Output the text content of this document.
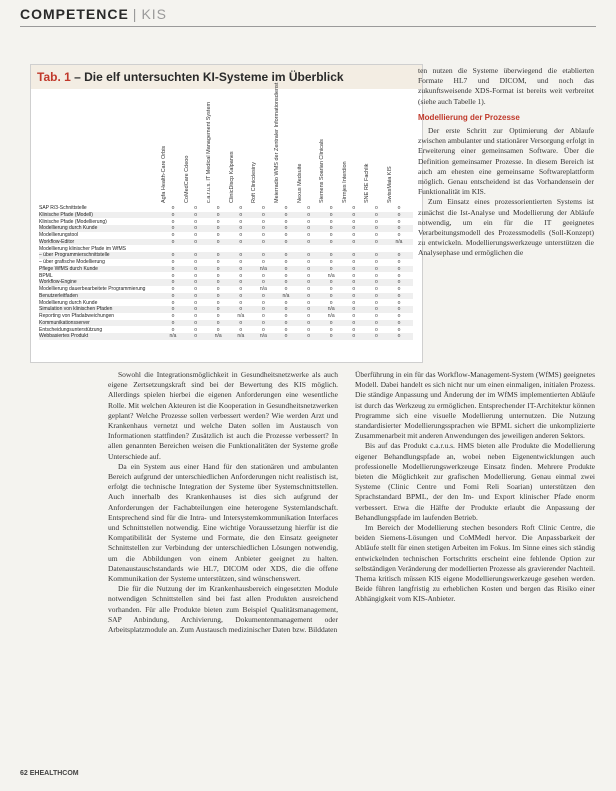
COMPETENCE | KIS
Tab. 1 – Die elf untersuchten KI-Systeme im Überblick
Agfa Health-Care Orbis	CoMedCare Cdeoo	c.a.r.u.s. IT Medical Management System	ClinicDiscp Kalpanes	Roft Clinicdesiny	Meierradio WMS der Zentraler Informationsdienst	Nexus Medsuite	Siemens Soarian Clinicals	Sirrnjes Interdion	SNE RE Fachlik	SwissMaia KIS
SAP R/3-Schnittstelle	o	o	o	o	o	o	o	o	o	o	o
Klinische Pfade (Modell)	o	o	o	o	o	o	o	o	o	o	o
Klinische Pfade (Modellierung)	o	o	o	o	o	o	o	o	o	o	o
Modellierung durch Kunde	o	o	o	o	o	o	o	o	o	o	o
Modellierungstool	o	o	o	o	o	o	o	o	o	o	o
Workflow-Editor	o	o	o	o	o	o	o	o	o	o	n/a
Modellierung klinischer Pfade im WfMS
– über Programmierschnittstelle	o	o	o	o	o	o	o	o	o	o	o
– über grafische Modellierung	o	o	o	o	o	o	o	o	o	o	o
Pflege WfMS durch Kunde	o	o	o	o	n/a	o	o	o	o	o	o
BPML	o	o	o	o	o	o	o	n/a	o	o	o
Workflow-Engine	o	o	o	o	o	o	o	o	o	o	o
Modellierung dauerbearbeitete Programmierung	o	o	o	o	n/a	o	o	o	o	o	o
Benutzerleitfaden	o	o	o	o	o	n/a	o	o	o	o	o
Modellierung durch Kunde	o	o	o	o	o	o	o	o	o	o	o
Simulation von klinischen Pfaden	o	o	o	o	o	o	o	n/a	o	o	o
Reporting von Pfadabweichungen	o	o	o	n/a	o	o	o	n/a	o	o	o
Kommunikationsserver	o	o	o	o	o	o	o	o	o	o	o
Entscheidungsunterstützung	o	o	o	o	o	o	o	o	o	o	o
Webbasiertes Produkt	n/a	o	n/a	n/a	n/a	o	o	o	o	o	o

ten nutzen die Systeme überwiegend die etablierten Formate HL7 und DICOM, und noch das zukunftsweisende XDS-Format ist bereits weit verbreitet (siehe auch Tabelle 1).

Modellierung der Prozesse

Der erste Schritt zur Optimierung der Ablaufe zwischen ambulanter und stationärer Versorgung erfolgt in Erweiterung einer gemeinsamen Software. Über die Definition gemeinsamer Prozesse. In diesem Bereich ist auch am ehesten eine gemeinsame Softwareplattform möglich. Genau entscheidend ist das Vorhandensein der Funktionalität im KIS.

Zum Einsatz eines prozessorientierten Systems ist zunächst die Ist-Analyse und Modellierung der Abläufe notwendig, um ein für die IT geeignetes Verarbeitungsmodell des Prozessmodells (Soll-Konzept) zu entwickeln. Modellierungswerkzeuge unterstützen die Analysephase und ermöglichen die

Sowohl die Integrationsmöglichkeit in Gesundheitsnetzwerke als auch eigene Zertsetzungskraft sind bei der Bewertung des KIS möglich. Allerdings spielen hierbei die eigenen Anforderungen eine wesentliche Rolle. Mit welchen Akteuren ist die Kooperation in Gesundheitsnetzwerken geplant? Welche Prozesse sollen verbessert werden? Wie werden Arzt und Krankenhaus vernetzt und welche Daten sollen im Austausch von Informationen stattfinden? Zusätzlich ist auch die Prozesse verbessert? In allen genannten Bereichen weisen die Funktionalitäten der Systeme große Unterschiede auf.

Da ein System aus einer Hand für den stationären und ambulanten Bereich aufgrund der unterschiedlichen Anforderungen nicht realistisch ist, erfolgt die technische Integration der Systeme über Systemschnittstellen. Auch innerhalb des Krankenhauses ist dies sich aufgrund der Anforderungen der Fachabteilungen eine heterogene Systemlandschaft. Entsprechend sind für die Intra- und Intersystemkommunikation Interfaces und Schnittstellen notwendig. Eine wichtige Voraussetzung hierfür ist die Kompatibilität der Systeme und Formate, die den Einsatz geeigneter Schnittstellen zur Verbindung der unterschiedlichen Lösungen notwendig, um die Abbildungen von einem Anbieter geeignet zu halten. Datenaustauschstandards wie HL7, DICOM oder XDS, die die offene Kommunikation der Systeme unterstützen, sind wünschenswert.

Die für die Nutzung der im Krankenhausbereich eingesetzten Module notwendigen Schnittstellen sind bei fast allen Produkten ausreichend vorhanden. Für alle Produkte bieten zum Beispiel Qualitätsmanagement, SAP Anbindung, Archivierung, Dokumentenmanagement oder Arbeitsplatzmodule an. Zum Austausch medizinischer Daten bzw. Bilddaten

Überführung in ein für das Workflow-Management-System (WfMS) geeignetes Modell. Dabei handelt es sich nicht nur um einen einmaligen, initialen Prozess. Die ständige Anpassung und Änderung der im WfMS implementierten Abläufe ist durch das Werkzeug zu ermöglichen. Entsprechender IT-Architektur können Programme sich eine visuelle Modellierung unternutzen. Die Nutzung standardisierter Modellierungssprachen wie BPML sichert die unkomplizierte Zusammenarbeit mit anderen Anwendungen des jeweiligen anderen Sektors.

Bis auf das Produkt c.a.r.u.s. HMS bieten alle Produkte die Modellierung eigener Behandlungspfade an, wobei neben Eigenentwicklungen auch professionelle Modellierungswerkzeuge Einsatz finden. Mehrere Produkte bieten die Möglichkeit zur grafischen Modellierung. Genau einmal zwei Systeme (Clinic Centre und Fomi Reli Soarian) unterstützen den Sprachstandard BPML, der den Im- und Export klinischer Pfade enorm verbessert. Etwa die Hälfte der Produkte erlaubt die Anpassung der Behandlungspfade im laufenden Betrieb.

Im Bereich der Modellierung stechen besonders Roft Clinic Centre, die beiden Siemens-Lösungen und CoMMedl hervor. Die Anpassbarkeit der Abläufe stellt für einen stetigen Arbeiten im Fokus. Im Sinne eines sich ständig entwickelnden technischen Fortschritts erscheint eine fehlende Option zur selbständigen Veränderung der modellierten Prozesse als gravierender Nachteil. Thema kritisch müssen KIS eigene Modellierungswerkzeuge gesehen werden. Beide führen langfristig zu erheblichen Kosten und bergen das Risiko einer Abhängigkeit vom KIS-Anbieter.

62 EHEALTHCOM
